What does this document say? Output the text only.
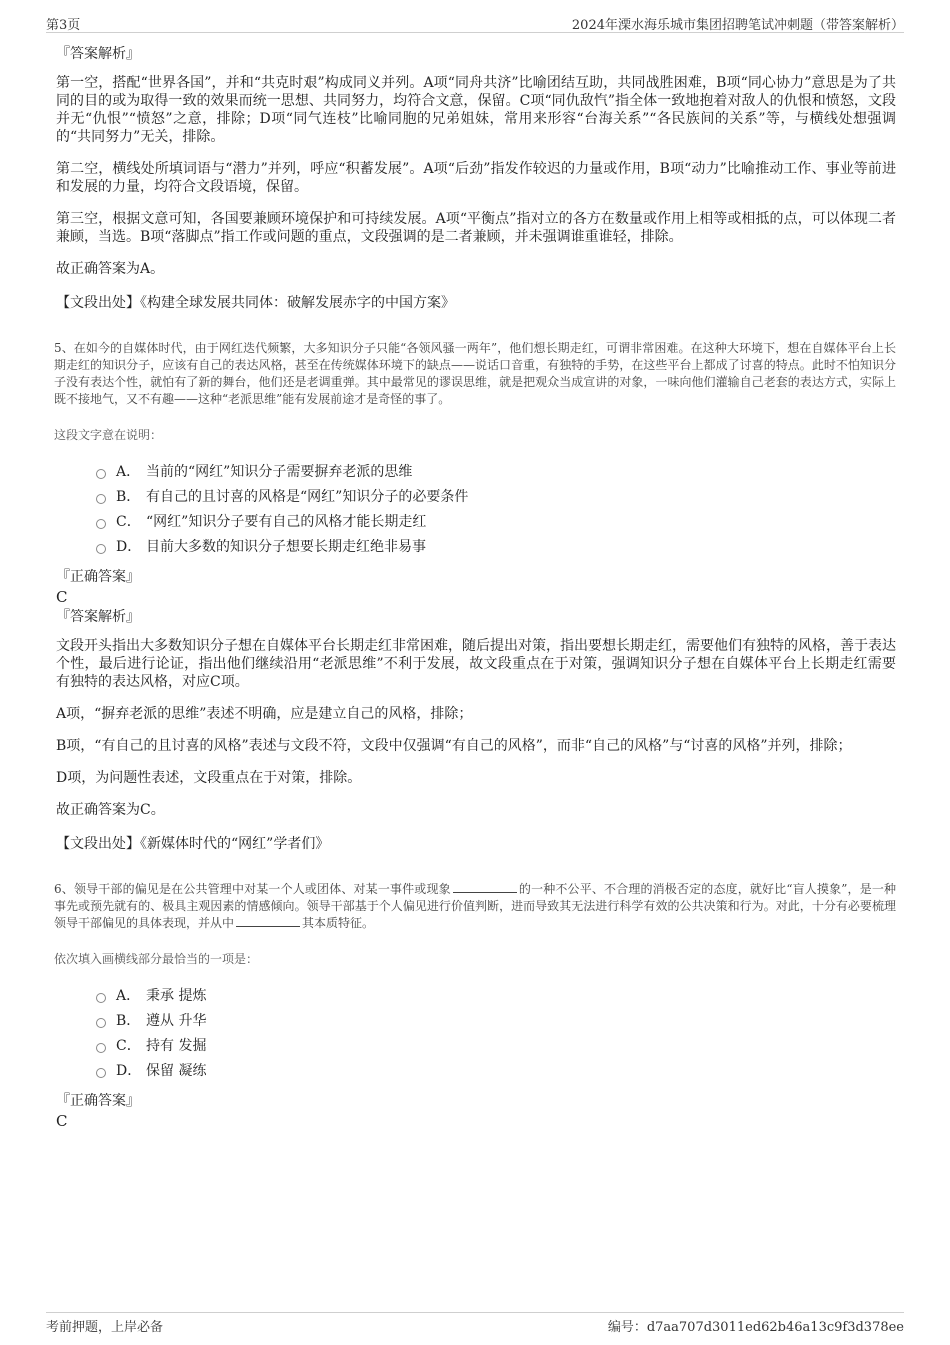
第3页	2024年溧水海乐城市集团招聘笔试冲刺题（带答案解析）

『答案解析』

第一空，搭配“世界各国”，并和“共克时艰”构成同义并列。A项“同舟共济”比喻团结互助，共同战胜困难，B项“同心协力”意思是为了共同的目的或为取得一致的效果而统一思想、共同努力，均符合文意，保留。C项“同仇敌忾”指全体一致地抱着对敌人的仇恨和愤怒，文段并无“仇恨”“愤怒”之意，排除；D项“同气连枝”比喻同胞的兄弟姐妹，常用来形容“台海关系”“各民族间的关系”等，与横线处想强调的“共同努力”无关，排除。

第二空，横线处所填词语与“潜力”并列，呼应“积蓄发展”。A项“后劲”指发作较迟的力量或作用，B项“动力”比喻推动工作、事业等前进和发展的力量，均符合文段语境，保留。

第三空，根据文意可知，各国要兼顾环境保护和可持续发展。A项“平衡点”指对立的各方在数量或作用上相等或相抵的点，可以体现二者兼顾，当选。B项“落脚点”指工作或问题的重点，文段强调的是二者兼顾，并未强调谁重谁轻，排除。

故正确答案为A。

【文段出处】《构建全球发展共同体：破解发展赤字的中国方案》

5、在如今的自媒体时代，由于网红迭代频繁，大多知识分子只能“各领风骚一两年”，他们想长期走红，可谓非常困难。在这种大环境下，想在自媒体平台上长期走红的知识分子，应该有自己的表达风格，甚至在传统媒体环境下的缺点——说话口音重，有独特的手势，在这些平台上都成了讨喜的特点。此时不怕知识分子没有表达个性，就怕有了新的舞台，他们还是老调重弹。其中最常见的谬误思维，就是把观众当成宣讲的对象，一味向他们灌输自己老套的表达方式，实际上既不接地气，又不有趣——这种“老派思维”能有发展前途才是奇怪的事了。

这段文字意在说明：

A． 当前的“网红”知识分子需要摒弃老派的思维
B． 有自己的且讨喜的风格是“网红”知识分子的必要条件
C． “网红”知识分子要有自己的风格才能长期走红
D． 目前大多数的知识分子想要长期走红绝非易事

『正确答案』

C

『答案解析』

文段开头指出大多数知识分子想在自媒体平台长期走红非常困难，随后提出对策，指出要想长期走红，需要他们有独特的风格，善于表达个性，最后进行论证，指出他们继续沿用“老派思维”不利于发展，故文段重点在于对策，强调知识分子想在自媒体平台上长期走红需要有独特的表达风格，对应C项。

A项，“摒弃老派的思维”表述不明确，应是建立自己的风格，排除；

B项，“有自己的且讨喜的风格”表述与文段不符，文段中仅强调“有自己的风格”，而非“自己的风格”与“讨喜的风格”并列，排除；

D项，为问题性表述，文段重点在于对策，排除。

故正确答案为C。

【文段出处】《新媒体时代的“网红”学者们》

6、领导干部的偏见是在公共管理中对某一个人或团体、对某一事件或现象	的一种不公平、不合理的消极否定的态度，就好比“盲人摸象”，是一种事先或预先就有的、极具主观因素的情感倾向。领导干部基于个人偏见进行价值判断，进而导致其无法进行科学有效的公共决策和行为。对此，十分有必要梳理领导干部偏见的具体表现，并从中	其本质特征。

依次填入画横线部分最恰当的一项是：

A． 秉承 提炼
B． 遵从 升华
C． 持有 发掘
D． 保留 凝练

『正确答案』

C

考前押题，上岸必备	编号：d7aa707d3011ed62b46a13c9f3d378ee
